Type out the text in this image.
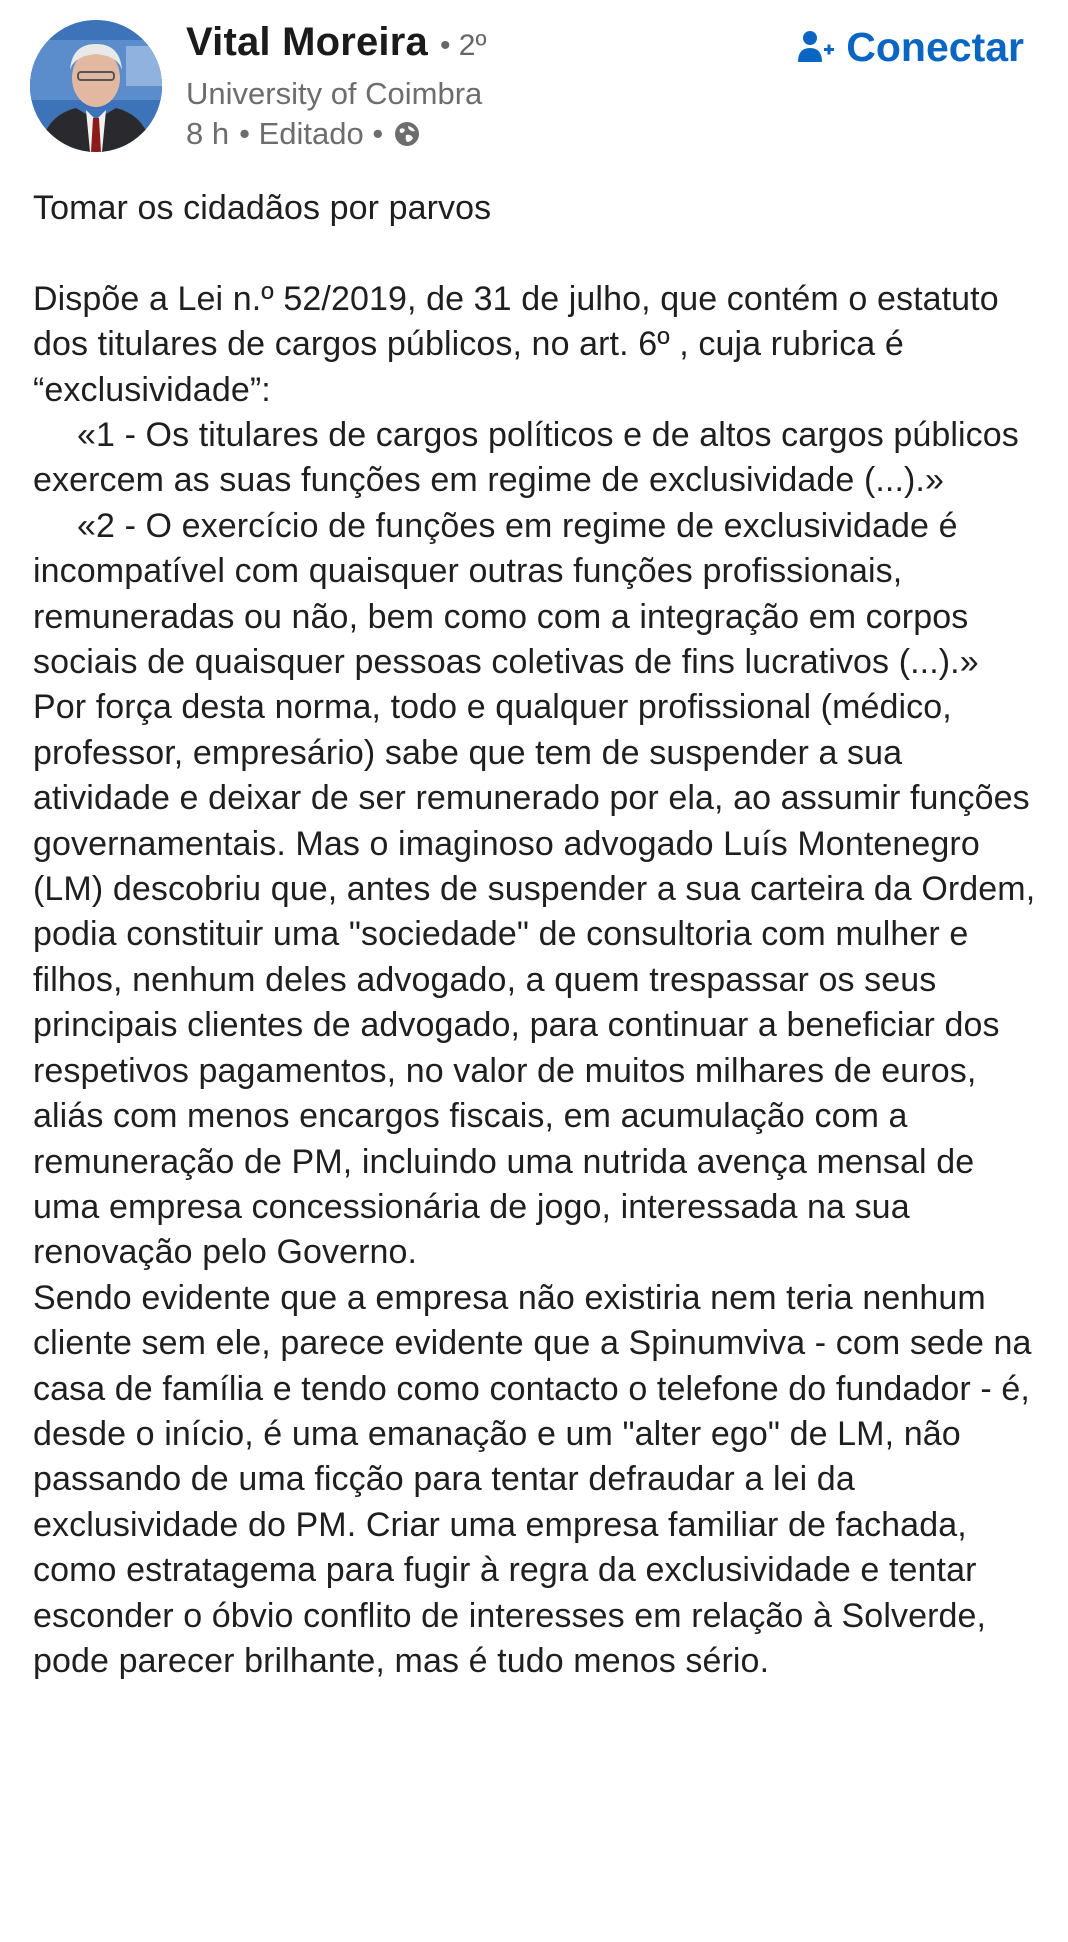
Vital Moreira • 2º
University of Coimbra
8 h • Editado •
Conectar

Tomar os cidadãos por parvos

Dispõe a Lei n.º 52/2019, de 31 de julho, que contém o estatuto dos titulares de cargos públicos, no art. 6º , cuja rubrica é “exclusividade”:

«1 - Os titulares de cargos políticos e de altos cargos públicos exercem as suas funções em regime de exclusividade (...).»

«2 - O exercício de funções em regime de exclusividade é incompatível com quaisquer outras funções profissionais, remuneradas ou não, bem como com a integração em corpos sociais de quaisquer pessoas coletivas de fins lucrativos (...).»

Por força desta norma, todo e qualquer profissional (médico, professor, empresário) sabe que tem de suspender a sua atividade e deixar de ser remunerado por ela, ao assumir funções governamentais. Mas o imaginoso advogado Luís Montenegro (LM) descobriu que, antes de suspender a sua carteira da Ordem, podia constituir uma "sociedade" de consultoria com mulher e filhos, nenhum deles advogado, a quem trespassar os seus principais clientes de advogado, para continuar a beneficiar dos respetivos pagamentos, no valor de muitos milhares de euros, aliás com menos encargos fiscais, em acumulação com a remuneração de PM, incluindo uma nutrida avença mensal de uma empresa concessionária de jogo, interessada na sua renovação pelo Governo.

Sendo evidente que a empresa não existiria nem teria nenhum cliente sem ele, parece evidente que a Spinumviva - com sede na casa de família e tendo como contacto o telefone do fundador - é, desde o início, é uma emanação e um "alter ego" de LM, não passando de uma ficção para tentar defraudar a lei da exclusividade do PM. Criar uma empresa familiar de fachada, como estratagema para fugir à regra da exclusividade e tentar esconder o óbvio conflito de interesses em relação à Solverde, pode parecer brilhante, mas é tudo menos sério.
